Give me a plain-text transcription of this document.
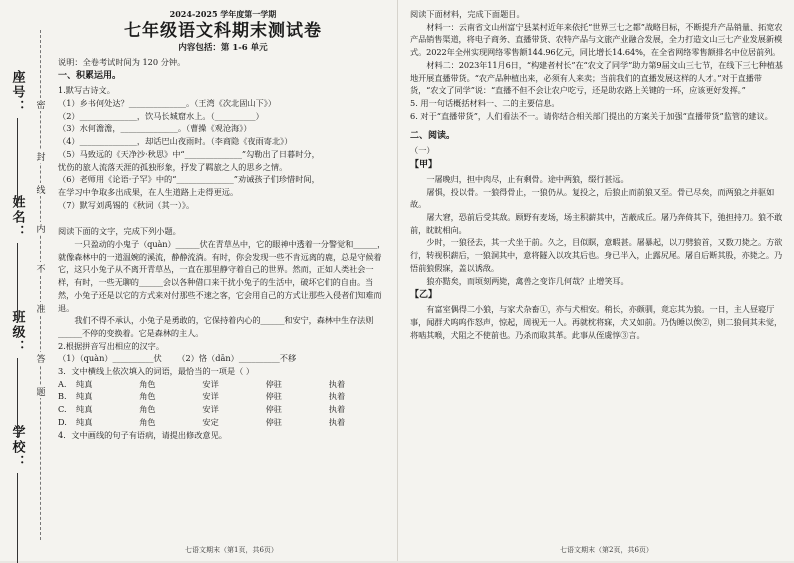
学校：
班级：
姓名：
座号： 密
封
线
内
不
准
答
题

2024-2025 学年度第一学期

七年级语文科期末测试卷

内容包括：第 1-6 单元

说明：全卷考试时间为 120 分钟。

一、积累运用。

1.默写古诗文。

（1）乡书何处达？______________。（王湾《次北固山下》）

（2）______________，饮马长城窟水上。（__________）

（3）水何澹澹，______________。（曹操《观沧海》）

（4）______________，却话巴山夜雨时。（李商隐《夜雨寄北》）

（5）马致远的《天净沙·秋思》中“______________”勾勒出了日暮时分，

忧伤的旅人流落天涯的孤独形象，抒发了羁旅之人的思乡之情。

（6）老师用《论语·子罕》中的“______________”劝诫孩子们珍惜时间，

在学习中争取多出成果，在人生道路上走得更远。

（7）默写刘禹锡的《秋词（其一）》。

阅读下面的文字，完成下列小题。

一只盈动的小鬼子（quàn）______伏在青草丛中，它的眼神中透着一分警觉和______，就像森林中的一道温婉的溪流，静静流淌。有时，你会发现一些不肯远离的鹿，总是守候着它，这只小兔子从不离开青草丛，一直在那里静守着自己的世界。然而，正如人类社会一样，有时，一些无聊的______会以各种借口来干扰小兔子的生活中，破坏它们的自由。当然，小兔子还是以它的方式来对付那些不速之客，它会用自己的方式让那些入侵者们知难而退。

我们不得不承认，小兔子是勇敢的，它保持着内心的______和安宁，森林中生存法则______不停的变换着。它是森林的主人。

2.根据拼音写出相应的汉字。

（1）（quàn）__________伏 （2）恪（dān）__________不移

3．文中横线上依次填入的词语，最恰当的一项是（ ）

A.	纯真	角色	安详	停驻	执着
B.	纯真	角色	安详	停驻	执着
C.	纯真	角色	安详	停驻	执着
D.	纯真	角色	安定	停驻	执着

4．文中画线的句子有语病，请提出修改意见。

七语文期末（第1页，共6页）

阅读下面材料，完成下面题目。

材料一：云南省文山州富宁县某村近年来依托“世界三七之都”战略目标，不断提升产品销量、拓宽农产品销售渠道，将电子商务、直播带货、农特产品与文旅产业融合发展，全力打造文山三七产业发展新模式。2022年全州实现网络零售额144.96亿元，同比增长14.64%，在全省网络零售额排名中位居前列。

材料二：2023年11月6日，“构建者村长”在“农文了同学”助力第9届文山三七节，在线下三七种植基地开展直播带货。“农产品种植出来，必须有人来卖；当前我们的直播发展这样的人才。”对于直播带货，“农文了同学”说：“直播不但不会让农户吃亏，还是助农路上关键的一环，应该更好发挥。”

5. 用一句话概括材料一、二的主要信息。

6. 对于“直播带货”，人们看法不一。请你结合相关部门提出的方案关于加强“直播带货”监管的建议。

二、阅读。

（一）

【甲】

一屠晚归，担中肉尽，止有剩骨。途中两狼，缀行甚远。

屠惧，投以骨。一狼得骨止，一狼仍从。复投之，后狼止而前狼又至。骨已尽矣，而两狼之并驱如故。

屠大窘，恐前后受其敌。顾野有麦场，场主积薪其中，苫蔽成丘。屠乃奔倚其下，弛担持刀。狼不敢前，眈眈相向。

少时，一狼径去，其一犬坐于前。久之，目似瞑，意暇甚。屠暴起，以刀劈狼首，又数刀毙之。方欲行，转视积薪后，一狼洞其中，意将隧入以攻其后也。身已半入，止露尻尾。屠自后断其股，亦毙之。乃悟前狼假寐，盖以诱敌。

狼亦黠矣，而顷刻两毙，禽兽之变诈几何哉？止增笑耳。

【乙】

有富室偶得二小狼，与家犬杂畜①，亦与犬相安。稍长，亦颇驯，竟忘其为狼。一日，主人昼寝厅事，闻群犬呜呜作怒声，惊起，周视无一人。再就枕将寐，犬又如前。乃伪睡以俟②，则二狼伺其未觉，将啮其喉，犬阻之不使前也。乃杀而取其革。此事从侄虞惇③言。

七语文期末（第2页，共6页）
